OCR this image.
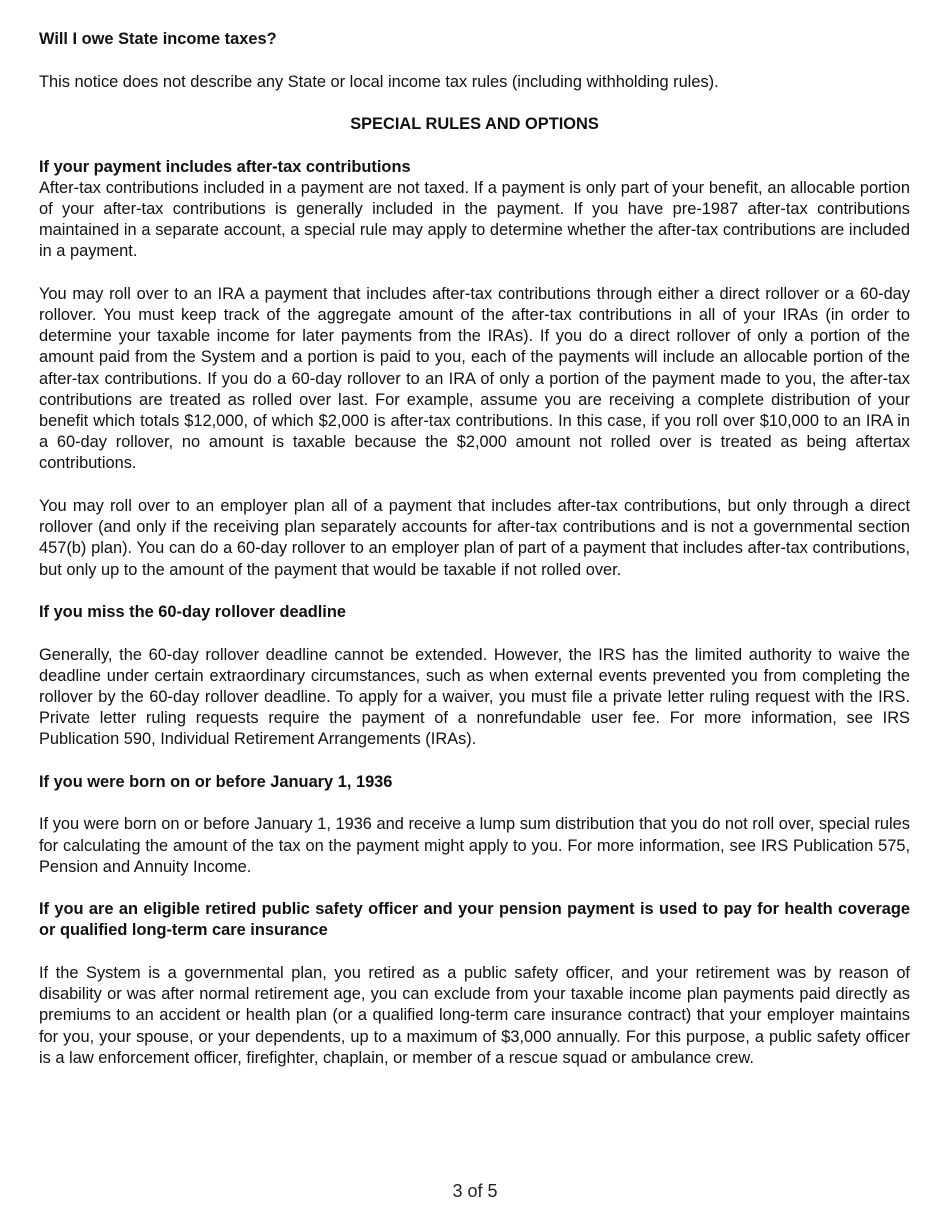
Will I owe State income taxes?

This notice does not describe any State or local income tax rules (including withholding rules).

SPECIAL RULES AND OPTIONS

If your payment includes after-tax contributions

After-tax contributions included in a payment are not taxed. If a payment is only part of your benefit, an allocable portion of your after-tax contributions is generally included in the payment. If you have pre-1987 after-tax contributions maintained in a separate account, a special rule may apply to determine whether the after-tax contributions are included in a payment.

You may roll over to an IRA a payment that includes after-tax contributions through either a direct rollover or a 60-day rollover. You must keep track of the aggregate amount of the after-tax contributions in all of your IRAs (in order to determine your taxable income for later payments from the IRAs). If you do a direct rollover of only a portion of the amount paid from the System and a portion is paid to you, each of the payments will include an allocable portion of the after-tax contributions. If you do a 60-day rollover to an IRA of only a portion of the payment made to you, the after-tax contributions are treated as rolled over last. For example, assume you are receiving a complete distribution of your benefit which totals $12,000, of which $2,000 is after-tax contributions. In this case, if you roll over $10,000 to an IRA in a 60-day rollover, no amount is taxable because the $2,000 amount not rolled over is treated as being aftertax contributions.

You may roll over to an employer plan all of a payment that includes after-tax contributions, but only through a direct rollover (and only if the receiving plan separately accounts for after-tax contributions and is not a governmental section 457(b) plan). You can do a 60-day rollover to an employer plan of part of a payment that includes after-tax contributions, but only up to the amount of the payment that would be taxable if not rolled over.

If you miss the 60-day rollover deadline

Generally, the 60-day rollover deadline cannot be extended. However, the IRS has the limited authority to waive the deadline under certain extraordinary circumstances, such as when external events prevented you from completing the rollover by the 60-day rollover deadline. To apply for a waiver, you must file a private letter ruling request with the IRS. Private letter ruling requests require the payment of a nonrefundable user fee. For more information, see IRS Publication 590, Individual Retirement Arrangements (IRAs).

If you were born on or before January 1, 1936

If you were born on or before January 1, 1936 and receive a lump sum distribution that you do not roll over, special rules for calculating the amount of the tax on the payment might apply to you. For more information, see IRS Publication 575, Pension and Annuity Income.

If you are an eligible retired public safety officer and your pension payment is used to pay for health coverage or qualified long-term care insurance

If the System is a governmental plan, you retired as a public safety officer, and your retirement was by reason of disability or was after normal retirement age, you can exclude from your taxable income plan payments paid directly as premiums to an accident or health plan (or a qualified long-term care insurance contract) that your employer maintains for you, your spouse, or your dependents, up to a maximum of $3,000 annually. For this purpose, a public safety officer is a law enforcement officer, firefighter, chaplain, or member of a rescue squad or ambulance crew.

3 of 5
